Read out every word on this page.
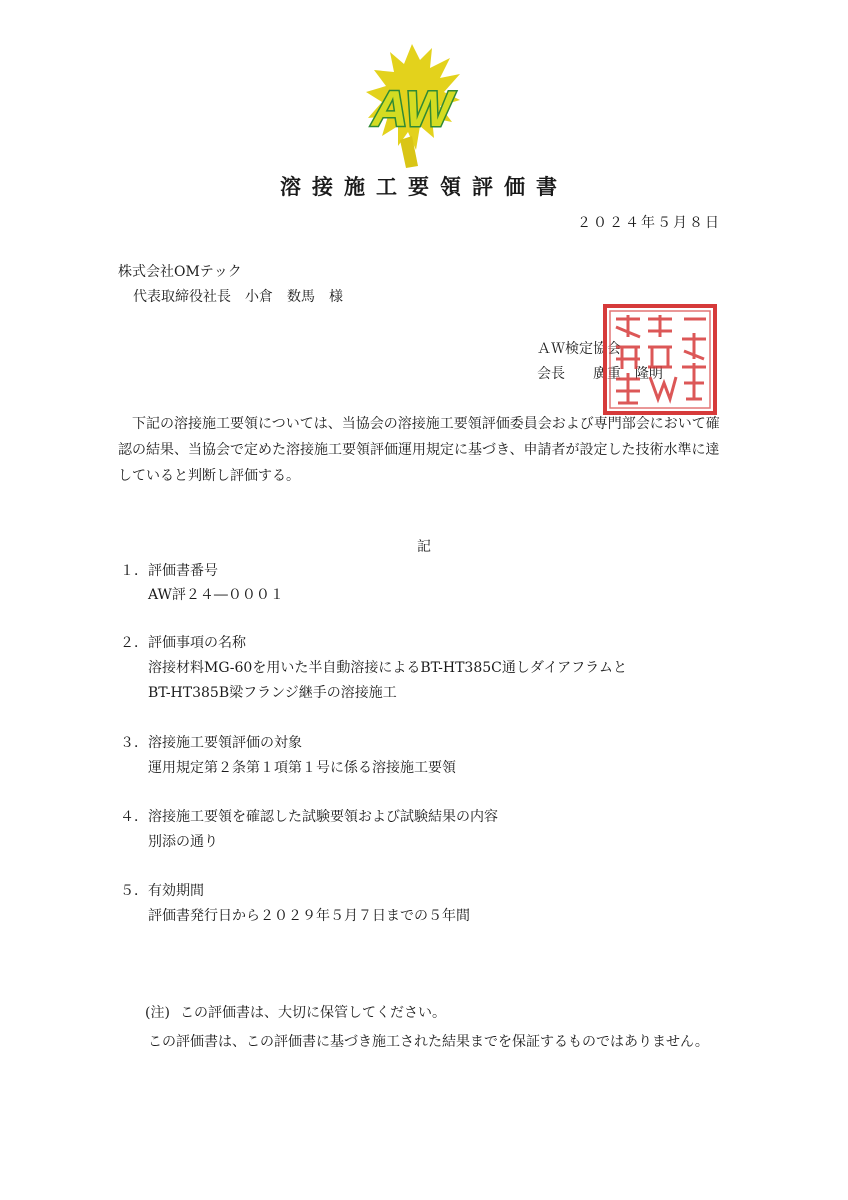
AW
溶接施工要領評価書
２０２４年５月８日
株式会社OMテック
代表取締役社長　小倉　数馬　様
ＡＷ検定協会
会長　　廣重　隆明
下記の溶接施工要領については、当協会の溶接施工要領評価委員会および専門部会において確認の結果、当協会で定めた溶接施工要領評価運用規定に基づき、申請者が設定した技術水準に達していると判断し評価する。
記
１．評価書番号
AW評２４―０００１
２．評価事項の名称
溶接材料MG-60を用いた半自動溶接によるBT-HT385C通しダイアフラムと
BT-HT385B梁フランジ継手の溶接施工
３．溶接施工要領評価の対象
運用規定第２条第１項第１号に係る溶接施工要領
４．溶接施工要領を確認した試験要領および試験結果の内容
別添の通り
５．有効期間
評価書発行日から２０２９年５月７日までの５年間
(注) この評価書は、大切に保管してください。
この評価書は、この評価書に基づき施工された結果までを保証するものではありません。
